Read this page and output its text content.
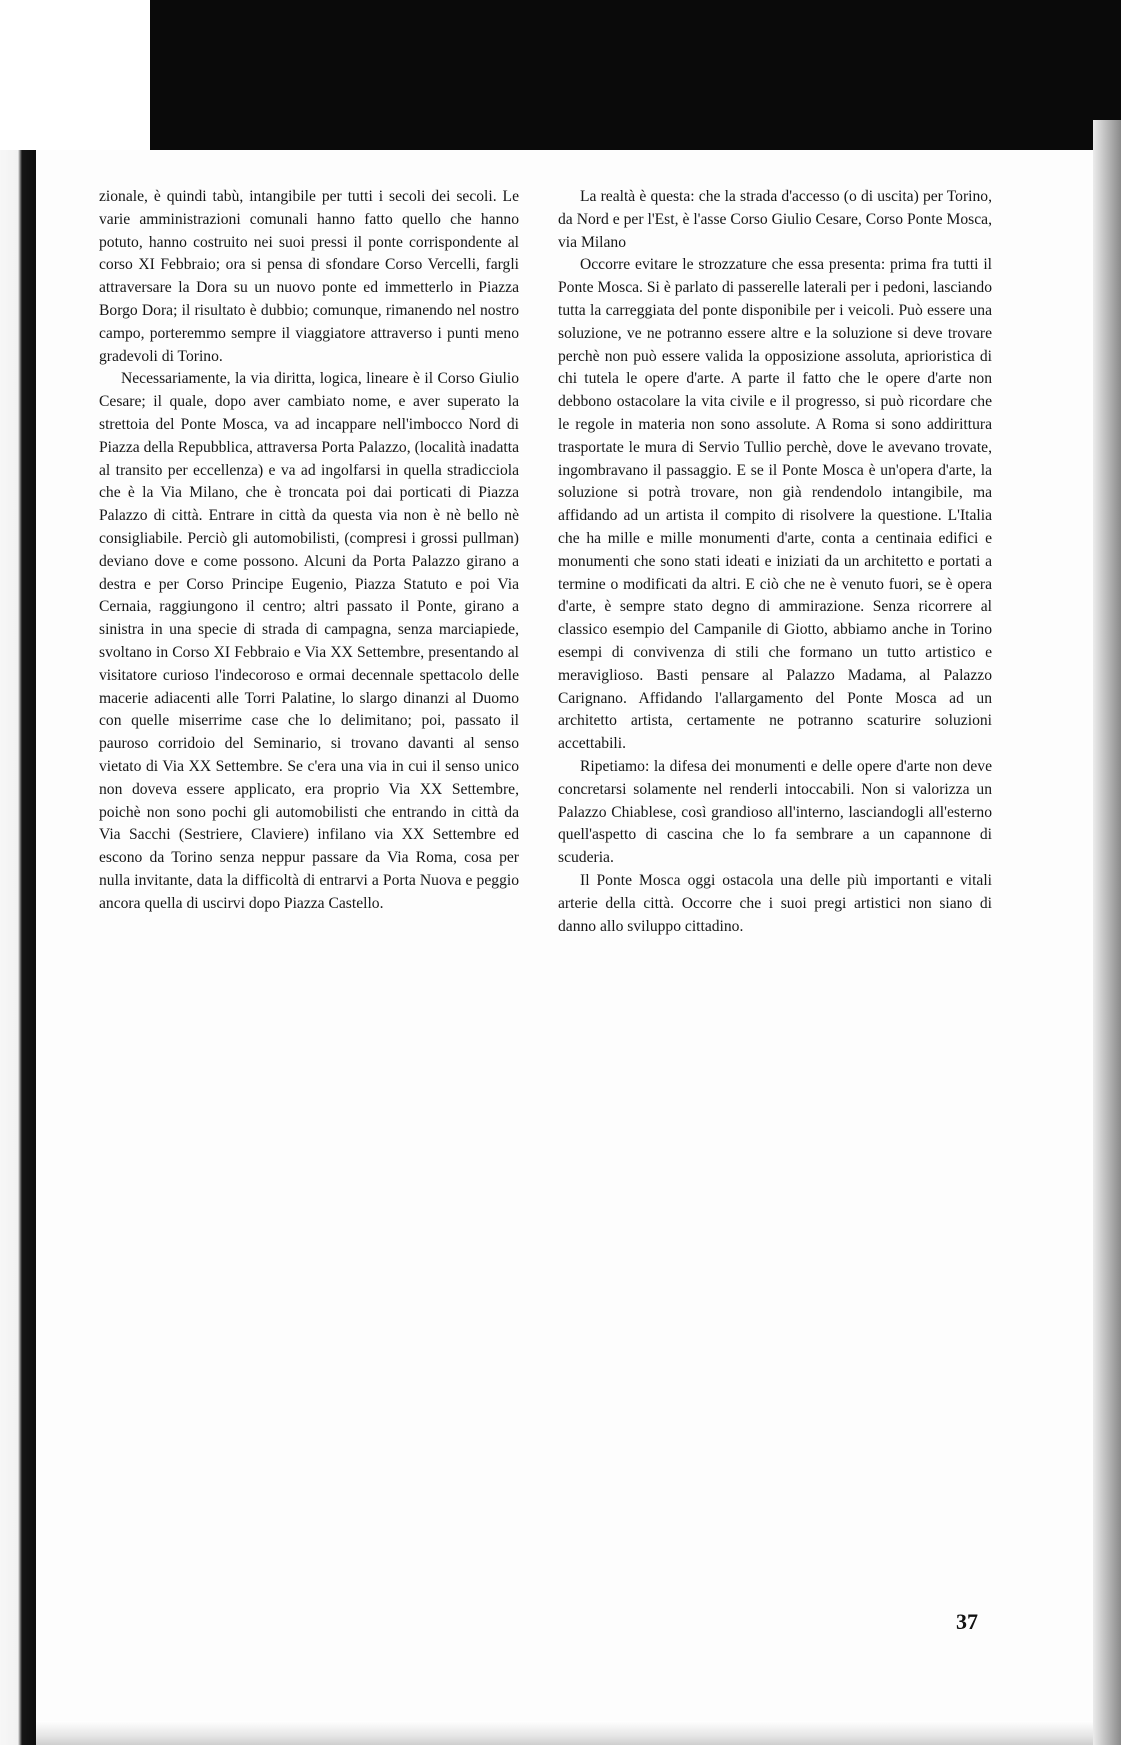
zionale, è quindi tabù, intangibile per tutti i secoli dei secoli. Le varie amministrazioni comunali hanno fatto quello che hanno potuto, hanno costruito nei suoi pressi il ponte corrispondente al corso XI Febbraio; ora si pensa di sfondare Corso Vercelli, fargli attraversare la Dora su un nuovo ponte ed immetterlo in Piazza Borgo Dora; il risultato è dubbio; comunque, rimanendo nel nostro campo, porteremmo sempre il viaggiatore attraverso i punti meno gradevoli di Torino.

Necessariamente, la via diritta, logica, lineare è il Corso Giulio Cesare; il quale, dopo aver cambiato nome, e aver superato la strettoia del Ponte Mosca, va ad incappare nell'imbocco Nord di Piazza della Repubblica, attraversa Porta Palazzo, (località inadatta al transito per eccellenza) e va ad ingolfarsi in quella stradicciola che è la Via Milano, che è troncata poi dai porticati di Piazza Palazzo di città. Entrare in città da questa via non è nè bello nè consigliabile. Perciò gli automobilisti, (compresi i grossi pullman) deviano dove e come possono. Alcuni da Porta Palazzo girano a destra e per Corso Principe Eugenio, Piazza Statuto e poi Via Cernaia, raggiungono il centro; altri passato il Ponte, girano a sinistra in una specie di strada di campagna, senza marciapiede, svoltano in Corso XI Febbraio e Via XX Settembre, presentando al visitatore curioso l'indecoroso e ormai decennale spettacolo delle macerie adiacenti alle Torri Palatine, lo slargo dinanzi al Duomo con quelle miserrime case che lo delimitano; poi, passato il pauroso corridoio del Seminario, si trovano davanti al senso vietato di Via XX Settembre. Se c'era una via in cui il senso unico non doveva essere applicato, era proprio Via XX Settembre, poichè non sono pochi gli automobilisti che entrando in città da Via Sacchi (Sestriere, Claviere) infilano via XX Settembre ed escono da Torino senza neppur passare da Via Roma, cosa per nulla invitante, data la difficoltà di entrarvi a Porta Nuova e peggio ancora quella di uscirvi dopo Piazza Castello.

La realtà è questa: che la strada d'accesso (o di uscita) per Torino, da Nord e per l'Est, è l'asse Corso Giulio Cesare, Corso Ponte Mosca, via Milano

Occorre evitare le strozzature che essa presenta: prima fra tutti il Ponte Mosca. Si è parlato di passerelle laterali per i pedoni, lasciando tutta la carreggiata del ponte disponibile per i veicoli. Può essere una soluzione, ve ne potranno essere altre e la soluzione si deve trovare perchè non può essere valida la opposizione assoluta, aprioristica di chi tutela le opere d'arte. A parte il fatto che le opere d'arte non debbono ostacolare la vita civile e il progresso, si può ricordare che le regole in materia non sono assolute. A Roma si sono addirittura trasportate le mura di Servio Tullio perchè, dove le avevano trovate, ingombravano il passaggio. E se il Ponte Mosca è un'opera d'arte, la soluzione si potrà trovare, non già rendendolo intangibile, ma affidando ad un artista il compito di risolvere la questione. L'Italia che ha mille e mille monumenti d'arte, conta a centinaia edifici e monumenti che sono stati ideati e iniziati da un architetto e portati a termine o modificati da altri. E ciò che ne è venuto fuori, se è opera d'arte, è sempre stato degno di ammirazione. Senza ricorrere al classico esempio del Campanile di Giotto, abbiamo anche in Torino esempi di convivenza di stili che formano un tutto artistico e meraviglioso. Basti pensare al Palazzo Madama, al Palazzo Carignano. Affidando l'allargamento del Ponte Mosca ad un architetto artista, certamente ne potranno scaturire soluzioni accettabili.

Ripetiamo: la difesa dei monumenti e delle opere d'arte non deve concretarsi solamente nel renderli intoccabili. Non si valorizza un Palazzo Chiablese, così grandioso all'interno, lasciandogli all'esterno quell'aspetto di cascina che lo fa sembrare a un capannone di scuderia.

Il Ponte Mosca oggi ostacola una delle più importanti e vitali arterie della città. Occorre che i suoi pregi artistici non siano di danno allo sviluppo cittadino.

37
